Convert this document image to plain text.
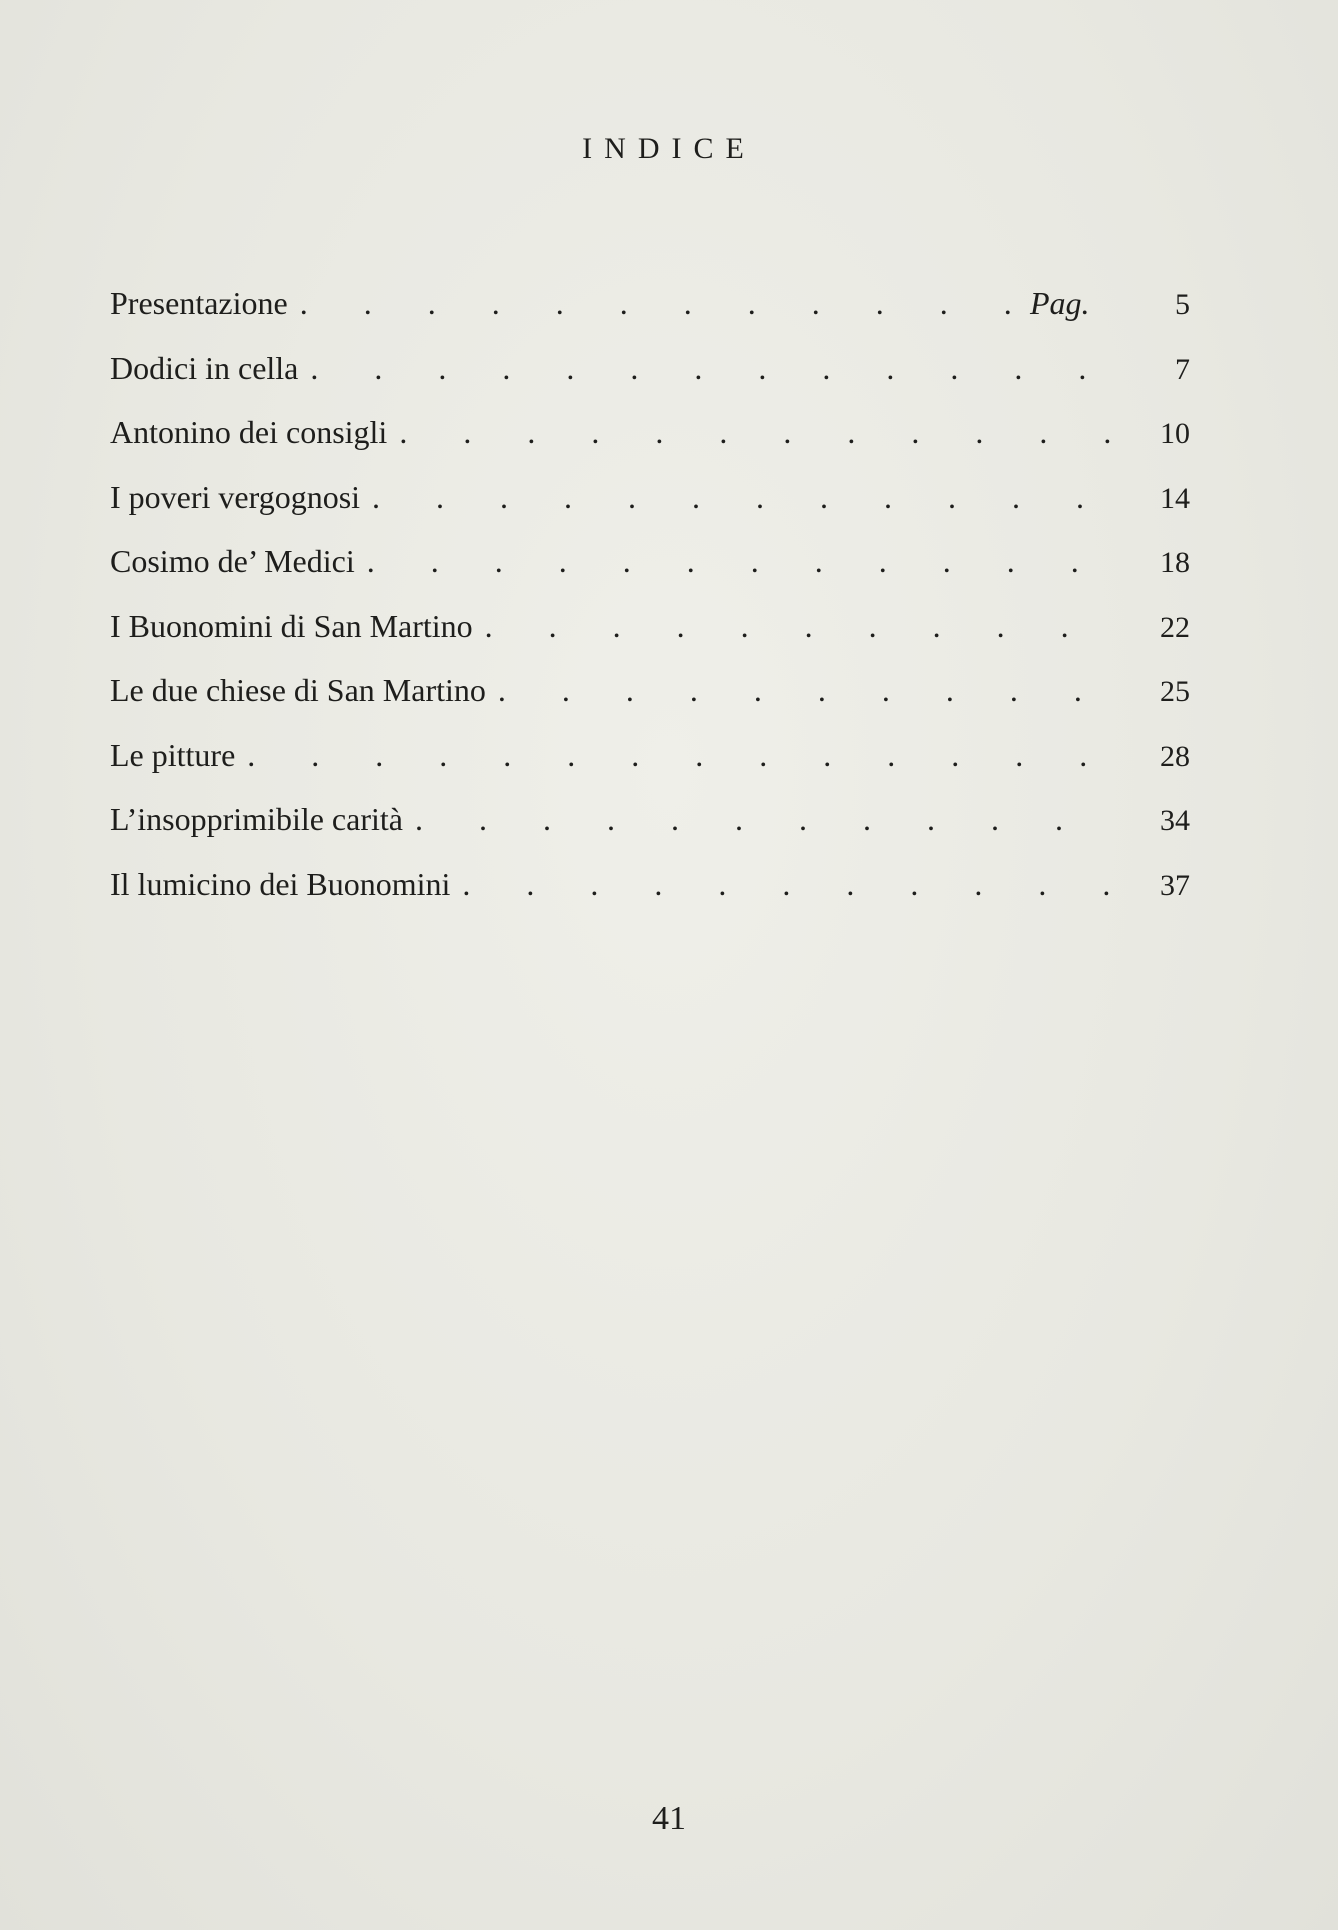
INDICE
Presentazione .	Pag.	5
Dodici in cella .	7
Antonino dei consigli .	10
I poveri vergognosi .	14
Cosimo de’ Medici .	18
I Buonomini di San Martino .	22
Le due chiese di San Martino .	25
Le pitture .	28
L’insopprimibile carità .	34
Il lumicino dei Buonomini .	37
41
